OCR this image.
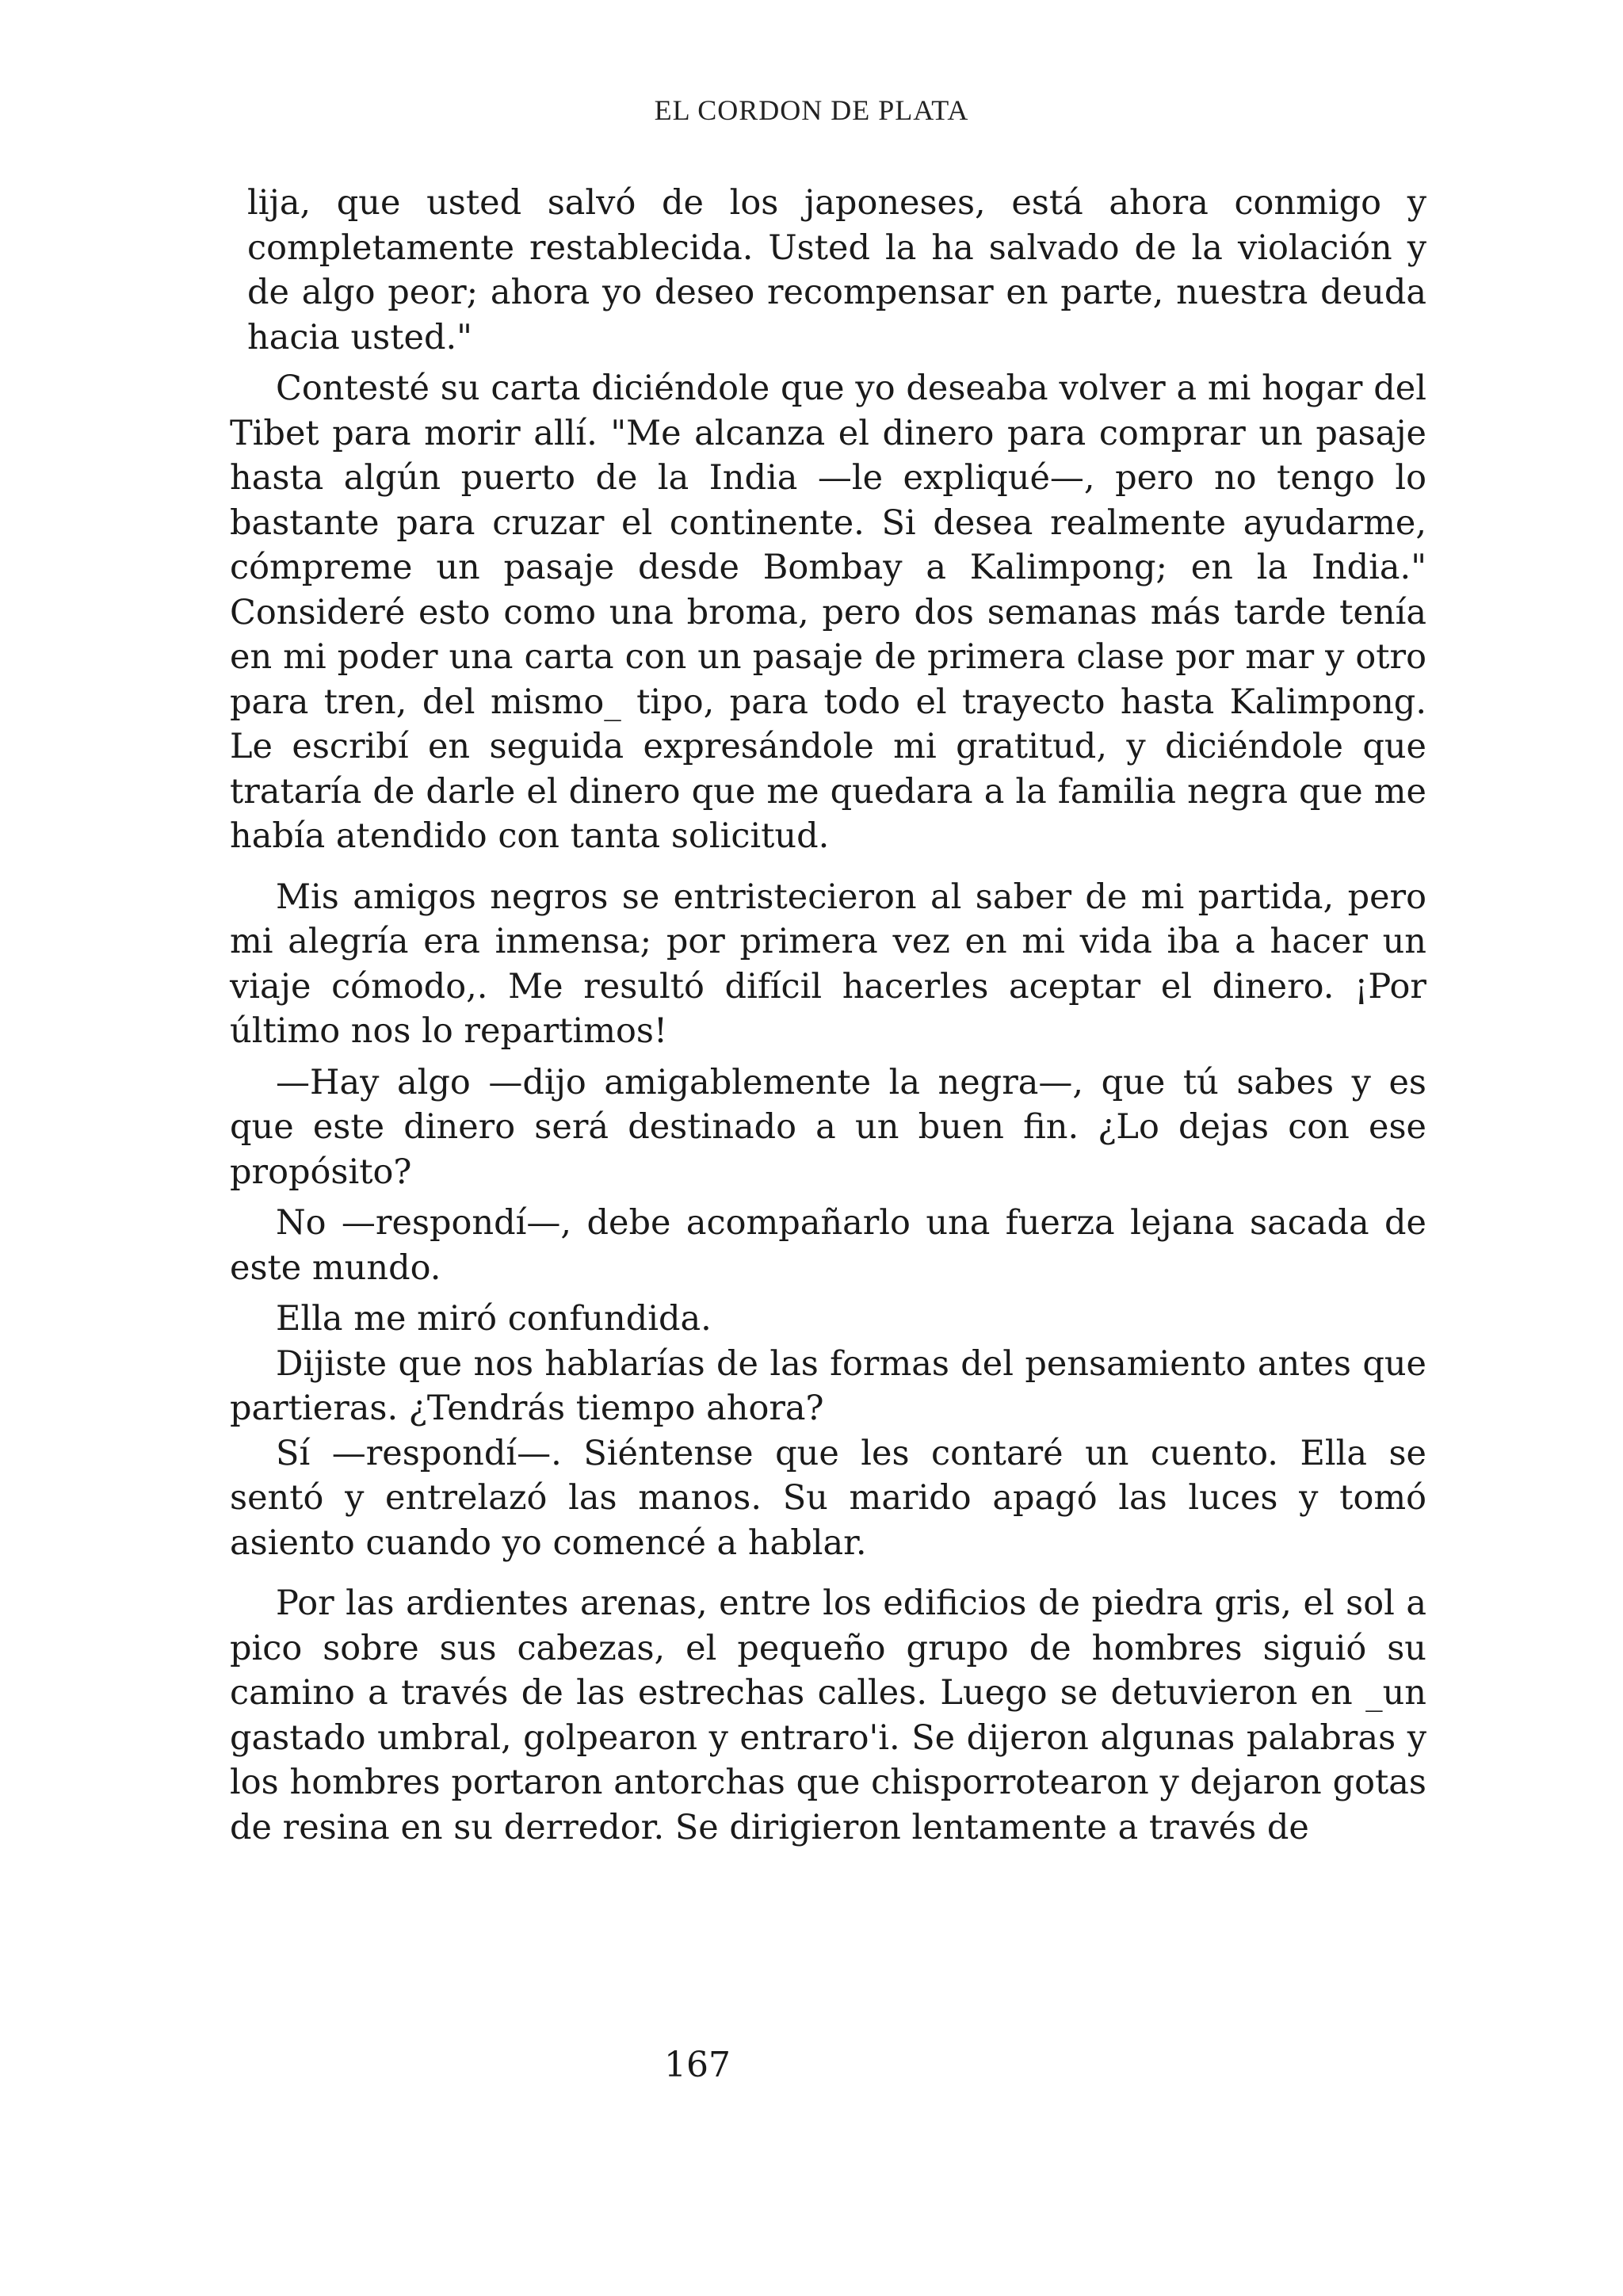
EL CORDON DE PLATA

lija, que usted salvó de los japoneses, está ahora conmigo y completamente restablecida. Usted la ha salvado de la violación y de algo peor; ahora yo deseo recompensar en parte, nuestra deuda hacia usted."

Contesté su carta diciéndole que yo deseaba volver a mi hogar del Tibet para morir allí. "Me alcanza el dinero para comprar un pasaje hasta algún puerto de la India —le expliqué—, pero no tengo lo bastante para cruzar el continente. Si desea realmente ayudarme, cómpreme un pasaje desde Bombay a Kalimpong; en la India." Consideré esto como una broma, pero dos semanas más tarde tenía en mi poder una carta con un pasaje de primera clase por mar y otro para tren, del mismo_ tipo, para todo el trayecto hasta Kalimpong. Le escribí en seguida expresándole mi gratitud, y diciéndole que trataría de darle el dinero que me quedara a la familia negra que me había atendido con tanta solicitud.

Mis amigos negros se entristecieron al saber de mi partida, pero mi alegría era inmensa; por primera vez en mi vida iba a hacer un viaje cómodo,. Me resultó difícil hacerles aceptar el dinero. ¡Por último nos lo repartimos!

—Hay algo —dijo amigablemente la negra—, que tú sabes y es que este dinero será destinado a un buen fin. ¿Lo dejas con ese propósito?

No —respondí—, debe acompañarlo una fuerza lejana sacada de este mundo.

Ella me miró confundida.

Dijiste que nos hablarías de las formas del pensamiento antes que partieras. ¿Tendrás tiempo ahora?

Sí —respondí—. Siéntense que les contaré un cuento. Ella se sentó y entrelazó las manos. Su marido apagó las luces y tomó asiento cuando yo comencé a hablar.

Por las ardientes arenas, entre los edificios de piedra gris, el sol a pico sobre sus cabezas, el pequeño grupo de hombres siguió su camino a través de las estrechas calles. Luego se detuvieron en _un gastado umbral, golpearon y entraro'i. Se dijeron algunas palabras y los hombres portaron antorchas que chisporrotearon y dejaron gotas de resina en su derredor. Se dirigieron lentamente a través de

167
